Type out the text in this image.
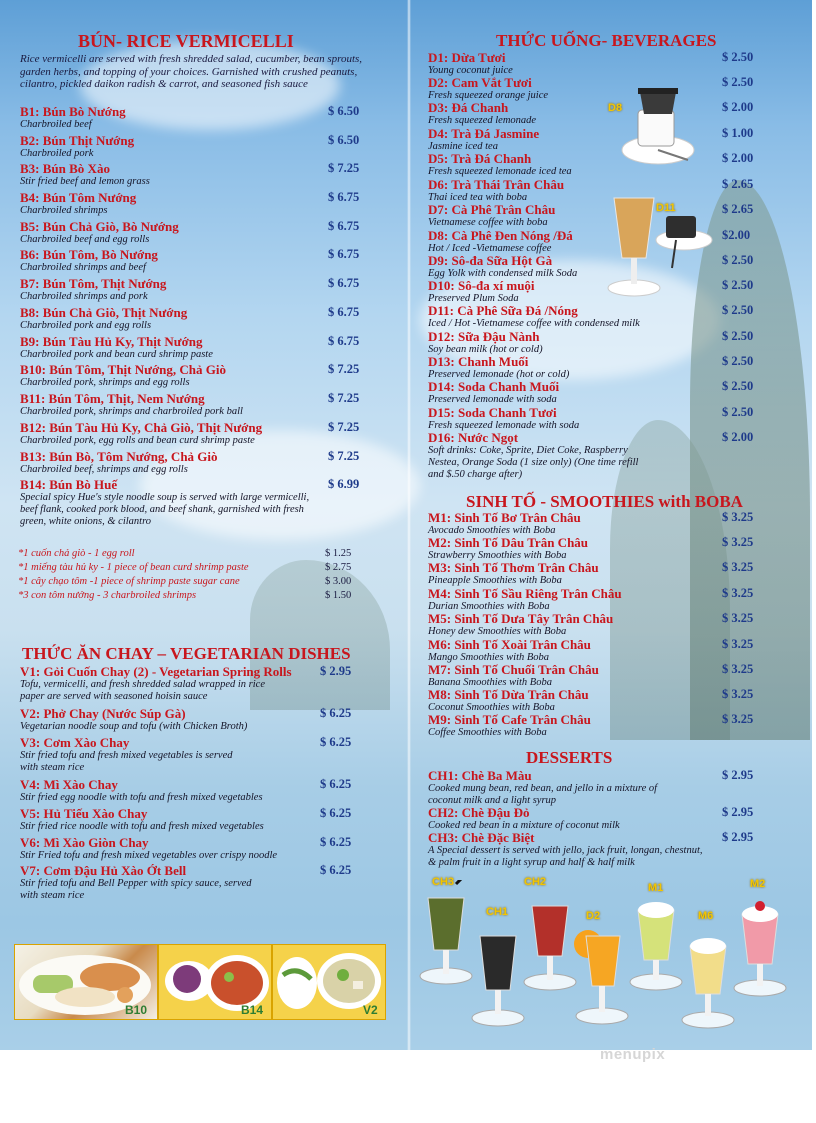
BÚN- RICE VERMICELLI
Rice vermicelli are served with fresh shredded salad, cucumber, bean sprouts, garden herbs, and topping of your choices. Garnished with crushed peanuts, cilantro, pickled daikon radish & carrot, and seasoned fish sauce
B1: Bún Bò Nướng	$ 6.50
Charbroiled beef
B2: Bún Thịt Nướng	$ 6.50
Charbroiled pork
B3: Bún Bò Xào	$ 7.25
Stir fried beef and lemon grass
B4: Bún Tôm Nướng	$ 6.75
Charbroiled shrimps
B5: Bún Chả Giò, Bò Nướng	$ 6.75
Charbroiled beef and egg rolls
B6: Bún Tôm, Bò Nướng	$ 6.75
Charbroiled shrimps and beef
B7: Bún Tôm, Thịt Nướng	$ 6.75
Charbroiled shrimps and pork
B8: Bún Chả Giò, Thịt Nướng	$ 6.75
Charbroiled pork and egg rolls
B9: Bún Tàu Hủ Ky, Thịt Nướng	$ 6.75
Charbroiled pork and bean curd shrimp paste
B10: Bún Tôm, Thịt Nướng, Chả Giò	$ 7.25
Charbroiled pork, shrimps and egg rolls
B11: Bún Tôm, Thịt, Nem Nướng	$ 7.25
Charbroiled pork, shrimps and charbroiled pork ball
B12: Bún Tàu Hủ Ky, Chả Giò, Thịt Nướng	$ 7.25
Charbroiled pork, egg rolls and bean curd shrimp paste
B13: Bún Bò, Tôm Nướng, Chả Giò	$ 7.25
Charbroiled beef, shrimps and egg rolls
B14: Bún Bò Huế	$ 6.99
Special spicy Hue's style noodle soup is served with large vermicelli, beef flank, cooked pork blood, and beef shank, garnished with fresh green, white onions, & cilantro
*1 cuốn chả giò - 1 egg roll	$ 1.25
*1 miếng tàu hủ ky - 1 piece of bean curd shrimp paste	$ 2.75
*1 cây chạo tôm -1 piece of shrimp paste sugar cane	$ 3.00
*3 con tôm nướng - 3 charbroiled shrimps	$ 1.50
THỨC ĂN CHAY – VEGETARIAN DISHES
V1: Gỏi Cuốn Chay (2) - Vegetarian Spring Rolls $ 2.95
Tofu, vermicelli, and fresh shredded salad wrapped in rice paper are served with seasoned hoisin sauce
V2: Phở Chay (Nước Súp Gà)	$ 6.25
Vegetarian noodle soup and tofu (with Chicken Broth)
V3: Cơm Xào Chay	$ 6.25
Stir fried tofu and fresh mixed vegetables is served with steam rice
V4: Mì Xào Chay	$ 6.25
Stir fried egg noodle with tofu and fresh mixed vegetables
V5: Hủ Tiếu Xào Chay	$ 6.25
Stir fried rice noodle with tofu and fresh mixed vegetables
V6: Mì Xào Giòn Chay	$ 6.25
Stir Fried tofu and fresh mixed vegetables over crispy noodle
V7: Cơm Đậu Hủ Xào Ớt Bell	$ 6.25
Stir fried tofu and Bell Pepper with spicy sauce, served with steam rice
B10	B14	V2
THỨC UỐNG- BEVERAGES
D1: Dừa Tươi	$ 2.50
Young coconut juice
D2: Cam Vắt Tươi	$ 2.50
Fresh squeezed orange juice
D3: Đá Chanh	$ 2.00
Fresh squeezed lemonade
D4: Trà Đá Jasmine	$ 1.00
Jasmine iced tea
D5: Trà Đá Chanh	$ 2.00
Fresh squeezed lemonade iced tea
D6: Trà Thái Trân Châu	$ 2.65
Thai iced tea with boba
D7: Cà Phê Trân Châu	$ 2.65
Vietnamese coffee with boba
D8: Cà Phê Đen Nóng /Đá	$2.00
Hot / Iced -Vietnamese coffee
D9: Sô-đa Sữa Hột Gà	$ 2.50
Egg Yolk with condensed milk Soda
D10: Sô-đa xí muội	$ 2.50
Preserved Plum Soda
D11: Cà Phê Sữa Đá /Nóng	$ 2.50
Iced / Hot -Vietnamese coffee with condensed milk
D12: Sữa Đậu Nành	$ 2.50
Soy bean milk (hot or cold)
D13: Chanh Muối	$ 2.50
Preserved lemonade (hot or cold)
D14: Soda Chanh Muối	$ 2.50
Preserved lemonade with soda
D15: Soda Chanh Tươi	$ 2.50
Fresh squeezed lemonade with soda
D16: Nước Ngọt	$ 2.00
Soft drinks: Coke, Sprite, Diet Coke, Raspberry Nestea, Orange Soda (1 size only) (One time refill and $.50 charge after)
SINH TỐ - SMOOTHIES with BOBA
M1: Sinh Tố Bơ Trân Châu	$ 3.25
Avocado Smoothies with Boba
M2: Sinh Tố Dâu Trân Châu	$ 3.25
Strawberry Smoothies with Boba
M3: Sinh Tố Thơm Trân Châu	$ 3.25
Pineapple Smoothies with Boba
M4: Sinh Tố Sầu Riêng Trân Châu	$ 3.25
Durian Smoothies with Boba
M5: Sinh Tố Dưa Tây Trân Châu	$ 3.25
Honey dew Smoothies with Boba
M6: Sinh Tố Xoài Trân Châu	$ 3.25
Mango Smoothies with Boba
M7: Sinh Tố Chuối Trân Châu	$ 3.25
Banana Smoothies with Boba
M8: Sinh Tố Dừa Trân Châu	$ 3.25
Coconut Smoothies with Boba
M9: Sinh Tố Cafe Trân Châu	$ 3.25
Coffee Smoothies with Boba
DESSERTS
CH1: Chè Ba Màu	$ 2.95
Cooked mung bean, red bean, and jello in a mixture of coconut milk and a light syrup
CH2: Chè Đậu Đỏ	$ 2.95
Cooked red bean in a mixture of coconut milk
CH3: Chè Đặc Biệt	$ 2.95
A Special dessert is served with jello, jack fruit, longan, chestnut, & palm fruit in a light syrup and half & half milk
D8
D11
CH3
CH1
CH2
D2
M1
M6
M2
menupix
